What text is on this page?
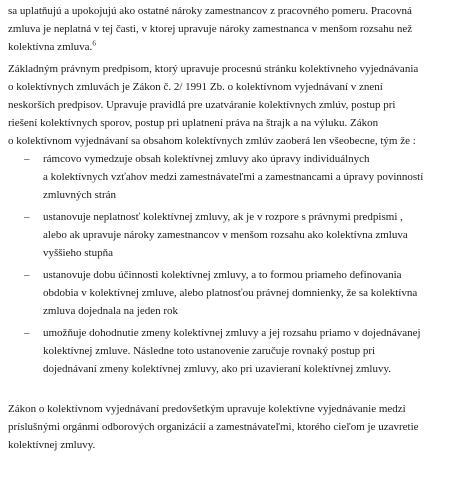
sa uplatňujú a upokojujú ako ostatné nároky zamestnancov z pracovného pomeru. Pracovná
zmluva je neplatná v tej časti, v ktorej upravuje nároky zamestnanca v menšom rozsahu než
kolektívna zmluva.$^6$
Základným právnym predpisom, ktorý upravuje procesnú stránku kolektívneho vyjednávania
o kolektívnych zmluvách je Zákon č. 2/ 1991 Zb. o kolektívnom vyjednávaní v znení
neskorších predpisov. Upravuje pravidlá pre uzatváranie kolektívnych zmlúv, postup pri
riešení kolektívnych sporov, postup pri uplatnení práva na štrajk a na výluku. Zákon
o kolektívnom vyjednávaní sa obsahom kolektívnych zmlúv zaoberá len všeobecne, tým že :
–	rámcovo vymedzuje obsah kolektívnej zmluvy ako úpravy individuálnych
a kolektívnych vzťahov medzi zamestnávateľmi a zamestnancami a úpravy povinností
zmluvných strán
–	ustanovuje neplatnosť kolektívnej zmluvy, ak je v rozpore s právnymi predpismi ,
alebo ak upravuje nároky zamestnancov v menšom rozsahu ako kolektívna zmluva
vyššieho stupňa
–	ustanovuje dobu účinnosti kolektívnej zmluvy, a to formou priameho definovania
obdobia v kolektívnej zmluve, alebo platnosťou právnej domnienky, že sa kolektívna
zmluva dojednala na jeden rok
–	umožňuje dohodnutie zmeny kolektívnej zmluvy a jej rozsahu priamo v dojednávanej
kolektívnej zmluve. Následne toto ustanovenie zaručuje rovnaký postup pri
dojednávaní zmeny kolektívnej zmluvy, ako pri uzavieraní kolektívnej zmluvy.
Zákon o kolektívnom vyjednávaní predovšetkým upravuje kolektívne vyjednávanie medzi
príslušnými orgánmi odborových organizácií a zamestnávateľmi, ktorého cieľom je uzavretie
kolektívnej zmluvy.
